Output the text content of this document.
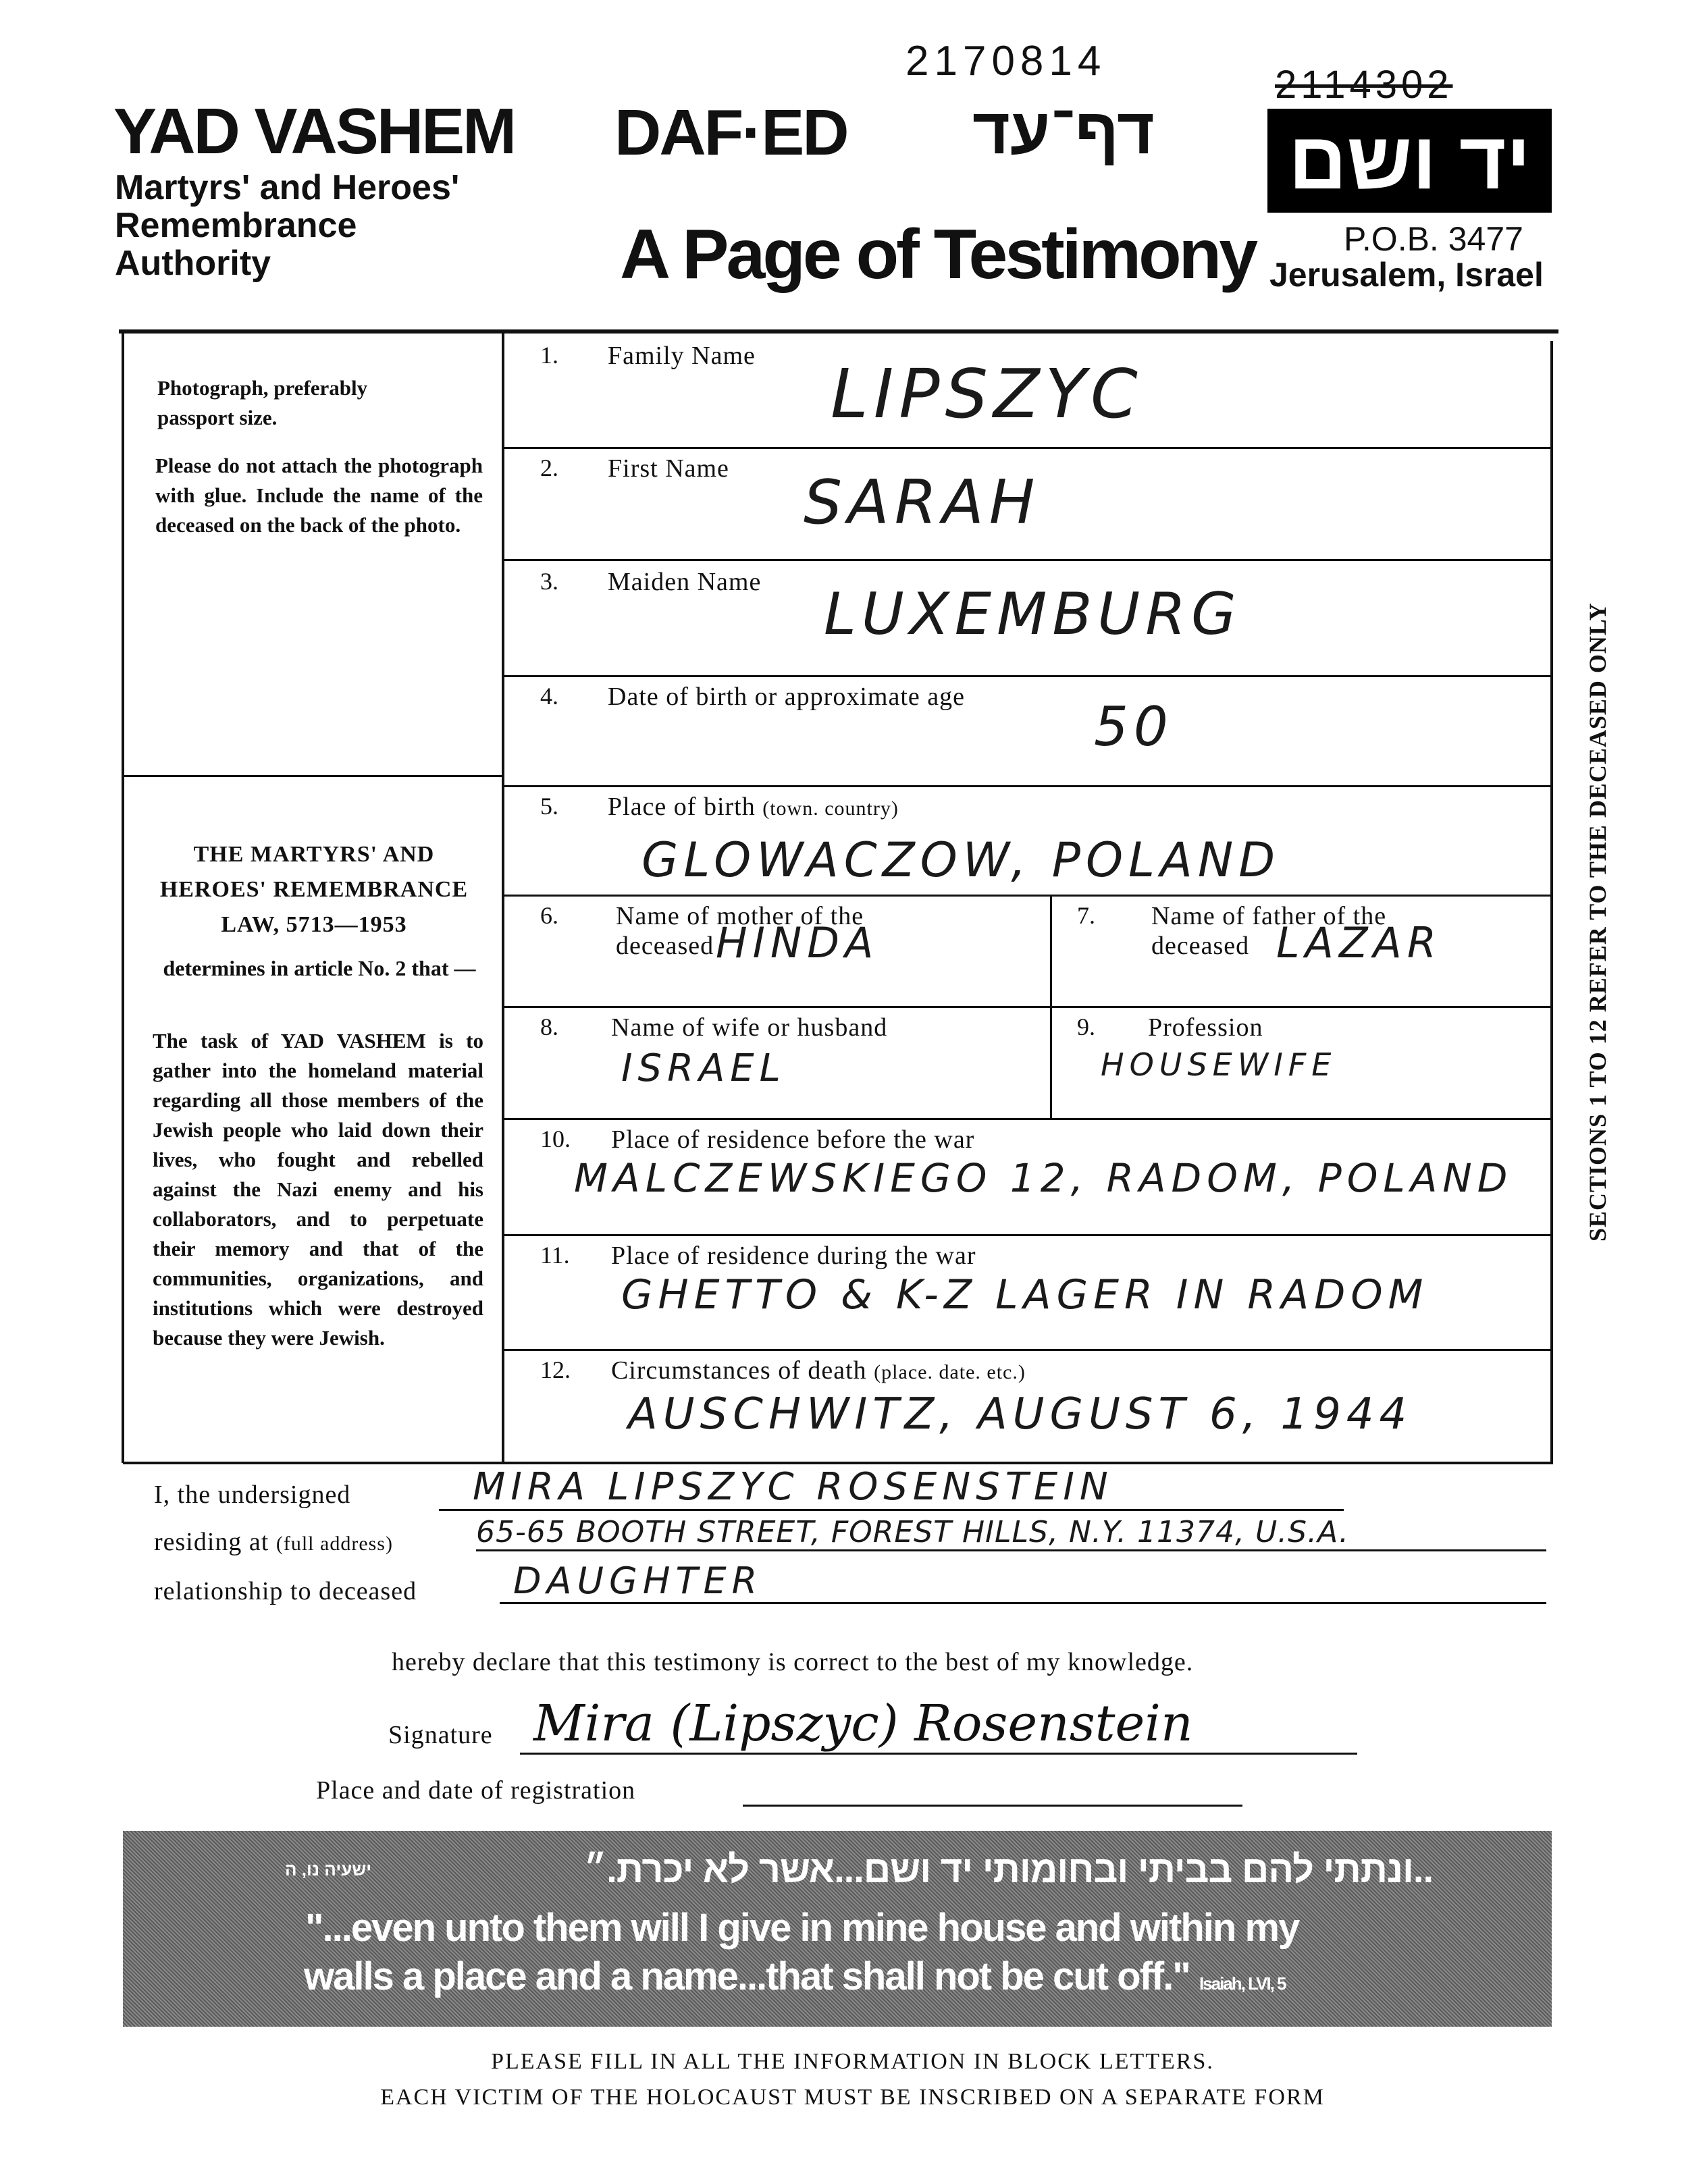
2170814
2114302
YAD VASHEM
Martyrs' and Heroes'
Remembrance
Authority
DAF·ED דף־עד	יד ושם
P.O.B. 3477
Jerusalem, Israel
A Page of Testimony
Photograph, preferably
passport size.
Please do not attach the photograph with glue. Include the name of the deceased on the back of the photo.
THE MARTYRS' AND
HEROES' REMEMBRANCE
LAW, 5713—1953
determines in article No. 2 that —
The task of YAD VASHEM is to gather into the homeland material regarding all those members of the Jewish people who laid down their lives, who fought and rebelled against the Nazi enemy and his collaborators, and to perpetuate their memory and that of the communities, organizations, and institutions which were destroyed because they were Jewish.
1. Family Name LIPSZYC
2. First Name SARAH
3. Maiden Name LUXEMBURG
4. Date of birth or approximate age 50
5. Place of birth (town. country)
GLOWACZOW, POLAND
6. Name of mother of the
deceased HINDA
7. Name of father of the
deceased LAZAR
8. Name of wife or husband
ISRAEL
9. Profession
HOUSEWIFE
10. Place of residence before the war
MALCZEWSKIEGO 12, RADOM, POLAND
11. Place of residence during the war
GHETTO & K-Z LAGER IN RADOM
12. Circumstances of death (place. date. etc.)
AUSCHWITZ, AUGUST 6, 1944
SECTIONS 1 TO 12 REFER TO THE DECEASED ONLY
I, the undersigned	MIRA LIPSZYC ROSENSTEIN
residing at (full address)	65-65 BOOTH STREET, FOREST HILLS, N.Y. 11374, U.S.A.
relationship to deceased	DAUGHTER
hereby declare that this testimony is correct to the best of my knowledge.
Signature Mira (Lipszyc) Rosenstein
Place and date of registration
ישעיה נו, ה	..ונתתי להם בביתי ובחומותי יד ושם...אשר לא יכרת.״
"...even unto them will I give in mine house and within my
walls a place and a name...that shall not be cut off." Isaiah, LVI, 5
PLEASE FILL IN ALL THE INFORMATION IN BLOCK LETTERS.
EACH VICTIM OF THE HOLOCAUST MUST BE INSCRIBED ON A SEPARATE FORM
